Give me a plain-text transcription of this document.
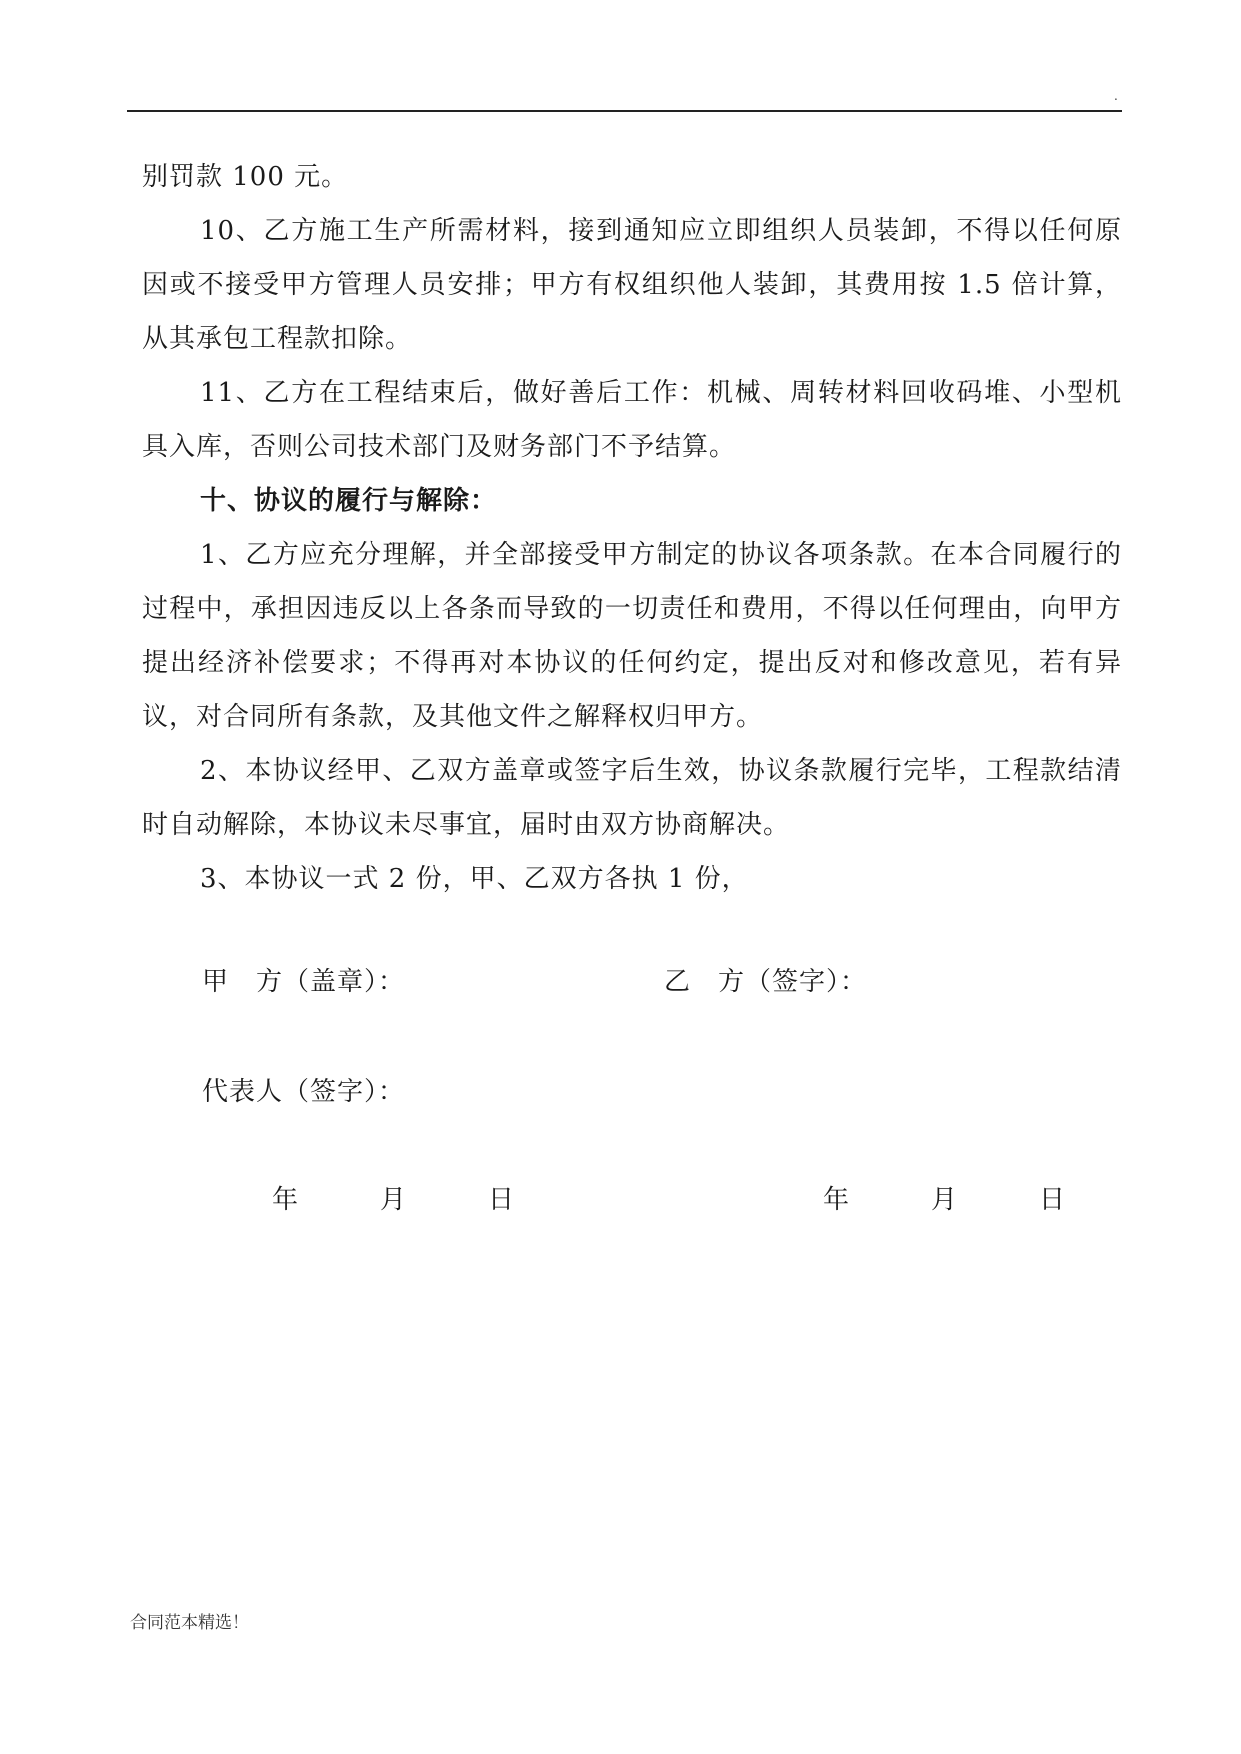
.

别罚款 100 元。

10、乙方施工生产所需材料，接到通知应立即组织人员装卸，不得以任何原因或不接受甲方管理人员安排；甲方有权组织他人装卸，其费用按 1.5 倍计算，从其承包工程款扣除。

11、乙方在工程结束后，做好善后工作：机械、周转材料回收码堆、小型机具入库，否则公司技术部门及财务部门不予结算。

十、协议的履行与解除：

1、乙方应充分理解，并全部接受甲方制定的协议各项条款。在本合同履行的过程中，承担因违反以上各条而导致的一切责任和费用，不得以任何理由，向甲方提出经济补偿要求；不得再对本协议的任何约定，提出反对和修改意见，若有异议，对合同所有条款，及其他文件之解释权归甲方。

2、本协议经甲、乙双方盖章或签字后生效，协议条款履行完毕，工程款结清时自动解除，本协议未尽事宜，届时由双方协商解决。

3、本协议一式 2 份，甲、乙双方各执 1 份，

甲　方（盖章）：	乙　方（签字）：
代表人（签字）：
年　　　月　　　日	年　　　月　　　日
合同范本精选！
